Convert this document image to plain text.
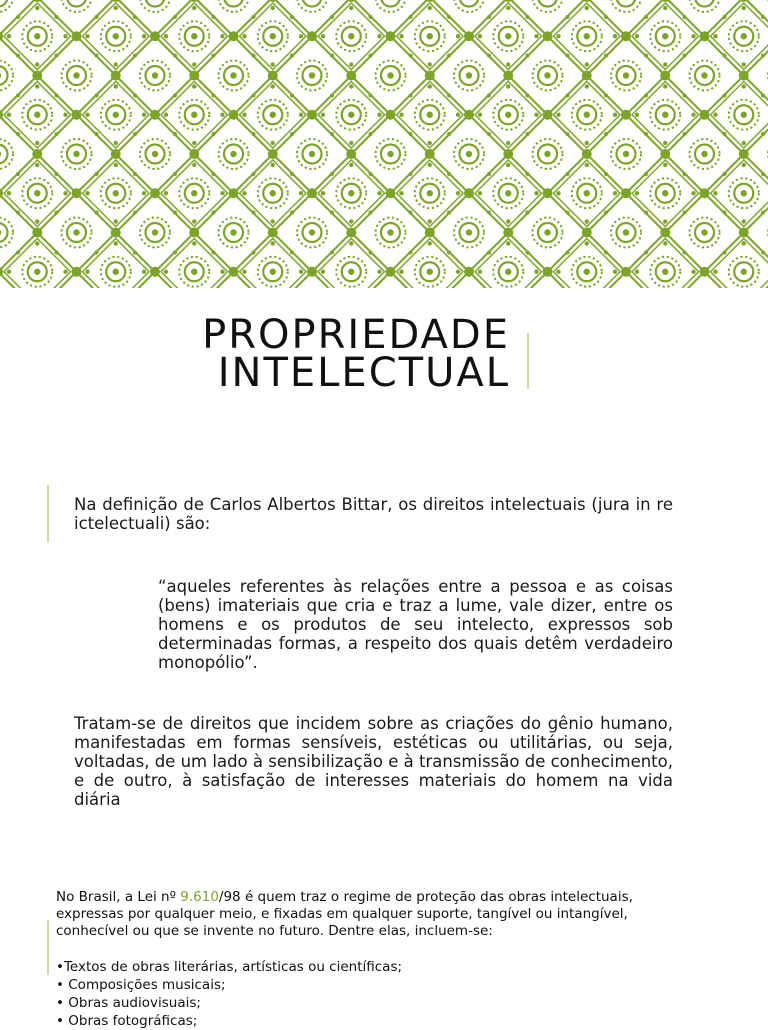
PROPRIEDADE
INTELECTUAL

Na definição de Carlos Albertos Bittar, os direitos intelectuais (jura in re ictelectuali) são:

“aqueles referentes às relações entre a pessoa e as coisas (bens) imateriais que cria e traz a lume, vale dizer, entre os homens e os produtos de seu intelecto, expressos sob determinadas formas, a respeito dos quais detêm verdadeiro monopólio”.

Tratam-se de direitos que incidem sobre as criações do gênio humano, manifestadas em formas sensíveis, estéticas ou utilitárias, ou seja, voltadas, de um lado à sensibilização e à transmissão de conhecimento, e de outro, à satisfação de interesses materiais do homem na vida diária

No Brasil, a Lei nº 9.610/98 é quem traz o regime de proteção das obras intelectuais, expressas por qualquer meio, e fixadas em qualquer suporte, tangível ou intangível, conhecível ou que se invente no futuro. Dentre elas, incluem-se:

•Textos de obras literárias, artísticas ou científicas;
• Composições musicais;
• Obras audiovisuais;
• Obras fotográficas;
